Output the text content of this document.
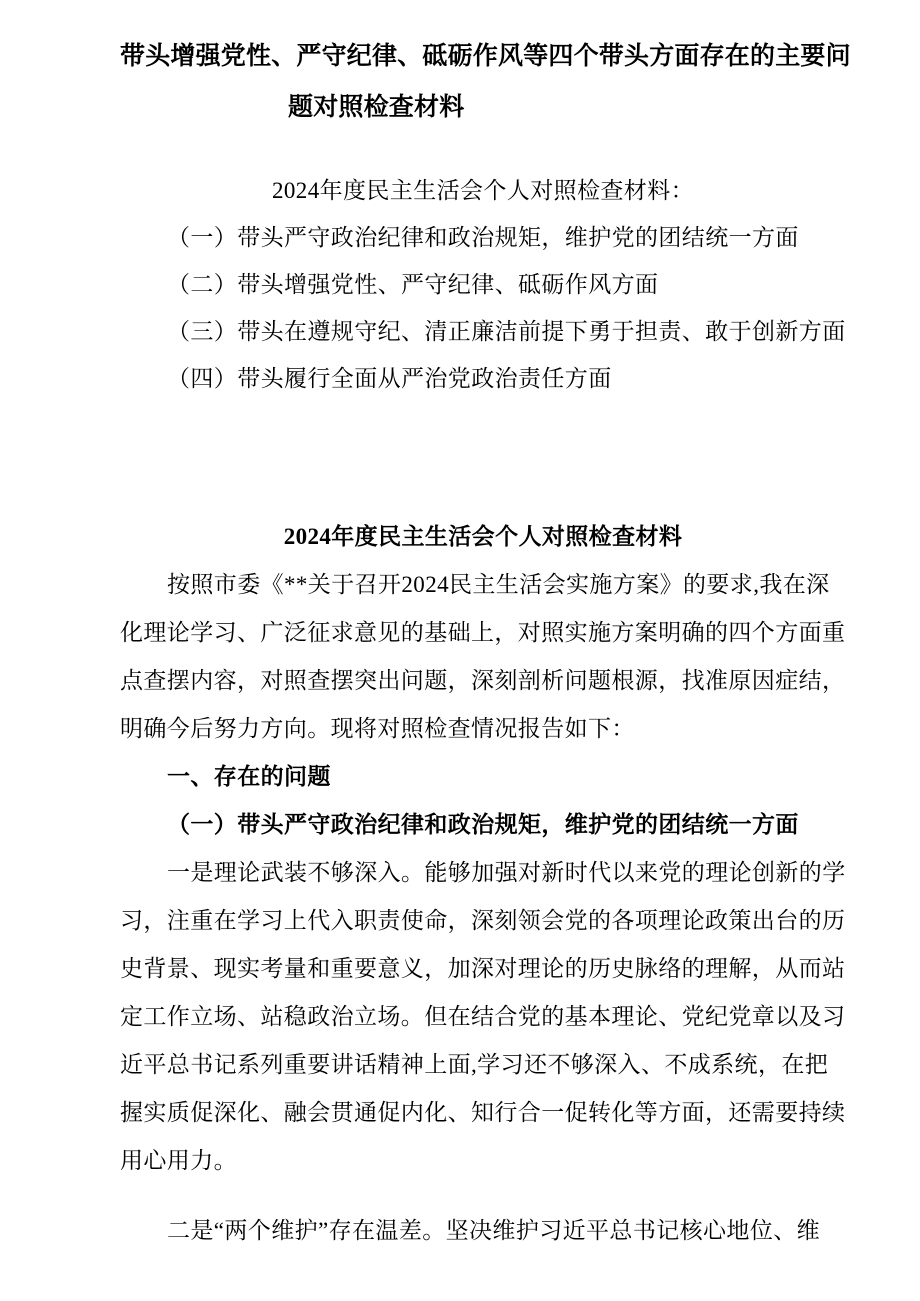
带头增强党性、严守纪律、砥砺作风等四个带头方面存在的主要问
题对照检查材料
2024年度民主生活会个人对照检查材料：
（一）带头严守政治纪律和政治规矩，维护党的团结统一方面
（二）带头增强党性、严守纪律、砥砺作风方面
（三）带头在遵规守纪、清正廉洁前提下勇于担责、敢于创新方面
（四）带头履行全面从严治党政治责任方面
2024年度民主生活会个人对照检查材料
按照市委《**关于召开2024民主生活会实施方案》的要求,我在深
化理论学习、广泛征求意见的基础上，对照实施方案明确的四个方面重
点查摆内容，对照查摆突出问题，深刻剖析问题根源，找准原因症结，
明确今后努力方向。现将对照检查情况报告如下：
一、存在的问题
（一）带头严守政治纪律和政治规矩，维护党的团结统一方面
一是理论武装不够深入。能够加强对新时代以来党的理论创新的学
习，注重在学习上代入职责使命，深刻领会党的各项理论政策出台的历
史背景、现实考量和重要意义，加深对理论的历史脉络的理解，从而站
定工作立场、站稳政治立场。但在结合党的基本理论、党纪党章以及习
近平总书记系列重要讲话精神上面,学习还不够深入、不成系统，在把
握实质促深化、融会贯通促内化、知行合一促转化等方面，还需要持续
用心用力。
二是“两个维护”存在温差。坚决维护习近平总书记核心地位、维
